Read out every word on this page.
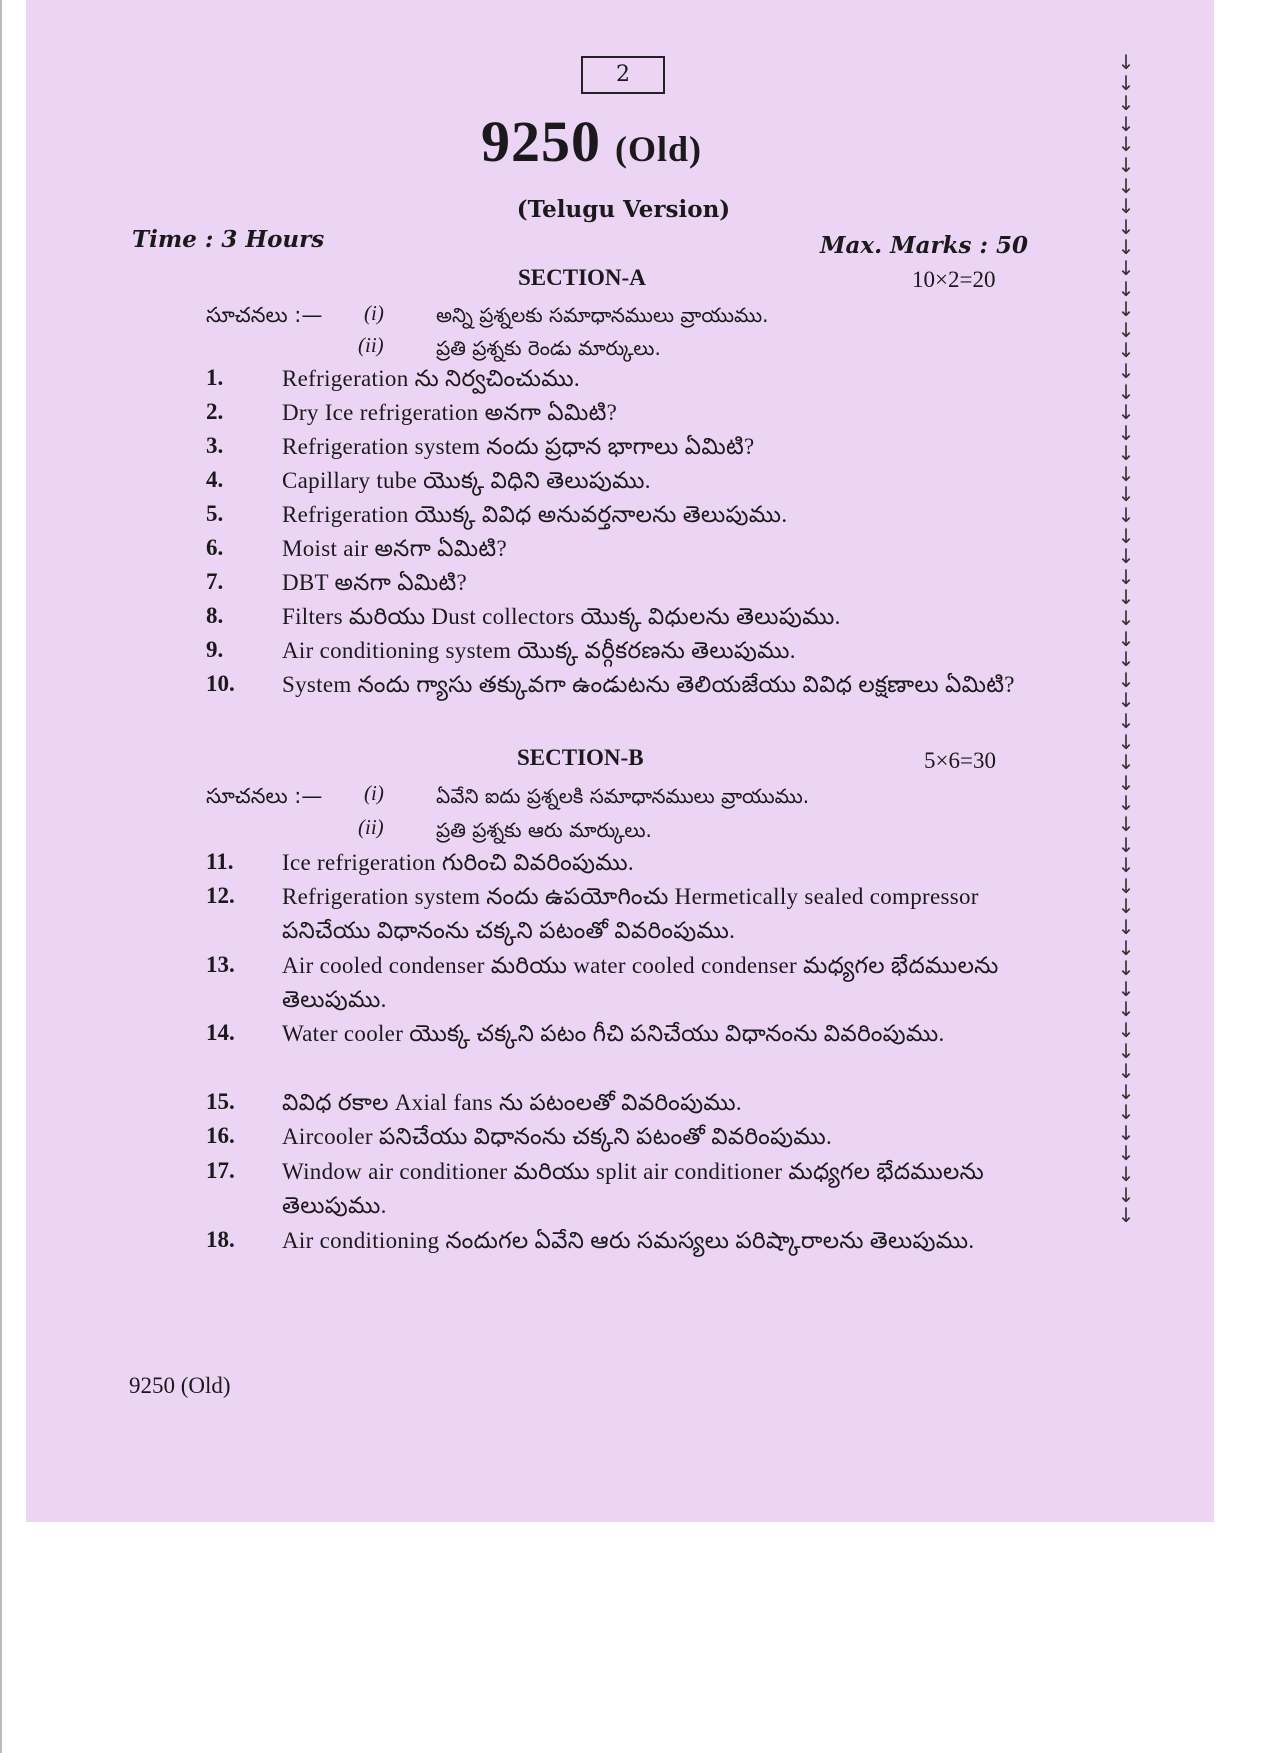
2
9250 (Old)
(Telugu Version)
Time : 3 Hours	Max. Marks : 50
SECTION-A	10×2=20
సూచనలు :— (i)	అన్ని ప్రశ్నలకు సమాధానములు వ్రాయుము.
(ii)	ప్రతి ప్రశ్నకు రెండు మార్కులు.
1.	Refrigeration ను నిర్వచించుము.
2.	Dry Ice refrigeration అనగా ఏమిటి?
3.	Refrigeration system నందు ప్రధాన భాగాలు ఏమిటి?
4.	Capillary tube యొక్క విధిని తెలుపుము.
5.	Refrigeration యొక్క వివిధ అనువర్తనాలను తెలుపుము.
6.	Moist air అనగా ఏమిటి?
7.	DBT అనగా ఏమిటి?
8.	Filters మరియు Dust collectors యొక్క విధులను తెలుపుము.
9.	Air conditioning system యొక్క వర్గీకరణను తెలుపుము.
10. System నందు గ్యాసు తక్కువగా ఉండుటను తెలియజేయు వివిధ లక్షణాలు ఏమిటి?
SECTION-B	5×6=30
సూచనలు :— (i)	ఏవేని ఐదు ప్రశ్నలకి సమాధానములు వ్రాయుము.
(ii)	ప్రతి ప్రశ్నకు ఆరు మార్కులు.
11. Ice refrigeration గురించి వివరింపుము.
12. Refrigeration system నందు ఉపయోగించు Hermetically sealed compressor పనిచేయు విధానంను చక్కని పటంతో వివరింపుము.
13. Air cooled condenser మరియు water cooled condenser మధ్యగల భేదములను తెలుపుము.
14. Water cooler యొక్క చక్కని పటం గీచి పనిచేయు విధానంను వివరింపుము.
15. వివిధ రకాల Axial fans ను పటంలతో వివరింపుము.
16. Aircooler పనిచేయు విధానంను చక్కని పటంతో వివరింపుము.
17. Window air conditioner మరియు split air conditioner మధ్యగల భేదములను తెలుపుము.
18. Air conditioning నందుగల ఏవేని ఆరు సమస్యలు పరిష్కారాలను తెలుపుము.
9250 (Old)
↓
↓
↓
↓
↓
↓
↓
↓
↓
↓
↓
↓
↓
↓
↓
↓
↓
↓
↓
↓
↓
↓
↓
↓
↓
↓
↓
↓
↓
↓
↓
↓
↓
↓
↓
↓
↓
↓
↓
↓
↓
↓
↓
↓
↓
↓
↓
↓
↓
↓
↓
↓
↓
↓
↓
↓
↓
